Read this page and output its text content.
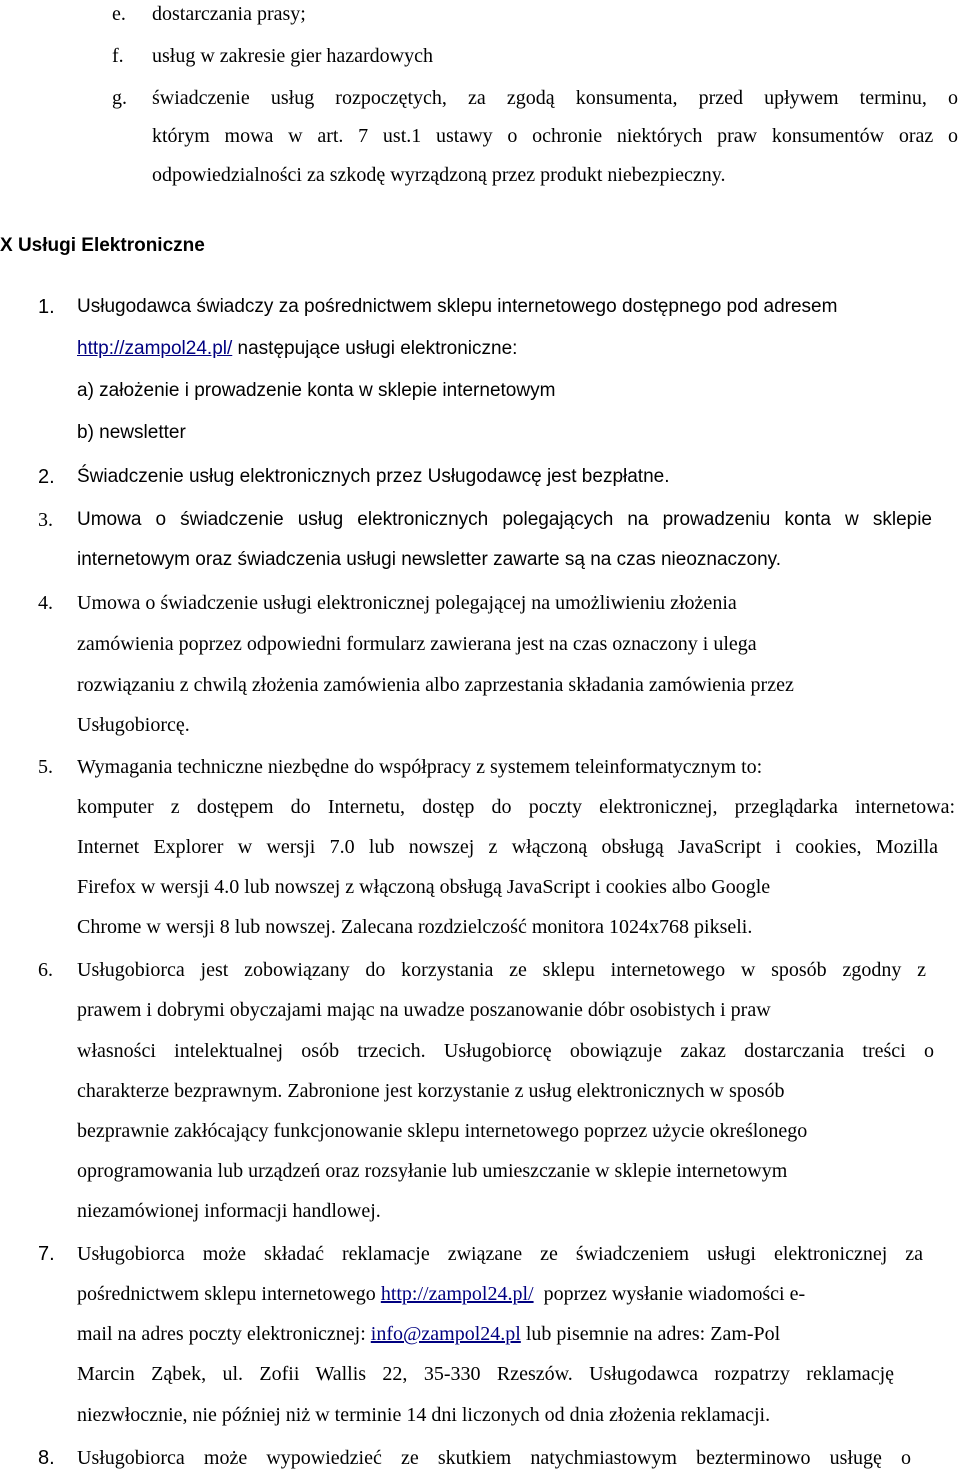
e. dostarczania prasy;
f. usług w zakresie gier hazardowych
g. świadczenie usług rozpoczętych, za zgodą konsumenta, przed upływem terminu, o
którym mowa w art. 7 ust.1 ustawy o ochronie niektórych praw konsumentów oraz o
odpowiedzialności za szkodę wyrządzoną przez produkt niebezpieczny.
X Usługi Elektroniczne
1. Usługodawca świadczy za pośrednictwem sklepu internetowego dostępnego pod adresem
http://zampol24.pl/ następujące usługi elektroniczne:
a) założenie i prowadzenie konta w sklepie internetowym
b) newsletter
2. Świadczenie usług elektronicznych przez Usługodawcę jest bezpłatne.
3. Umowa o świadczenie usług elektronicznych polegających na prowadzeniu konta w sklepie
internetowym oraz świadczenia usługi newsletter zawarte są na czas nieoznaczony.
4. Umowa o świadczenie usługi elektronicznej polegającej na umożliwieniu złożenia
zamówienia poprzez odpowiedni formularz zawierana jest na czas oznaczony i ulega
rozwiązaniu z chwilą złożenia zamówienia albo zaprzestania składania zamówienia przez
Usługobiorcę.
5. Wymagania techniczne niezbędne do współpracy z systemem teleinformatycznym to:
komputer z dostępem do Internetu, dostęp do poczty elektronicznej, przeglądarka internetowa:
Internet Explorer w wersji 7.0 lub nowszej z włączoną obsługą JavaScript i cookies, Mozilla
Firefox w wersji 4.0 lub nowszej z włączoną obsługą JavaScript i cookies albo Google
Chrome w wersji 8 lub nowszej. Zalecana rozdzielczość monitora 1024x768 pikseli.
6. Usługobiorca jest zobowiązany do korzystania ze sklepu internetowego w sposób zgodny z
prawem i dobrymi obyczajami mając na uwadze poszanowanie dóbr osobistych i praw
własności intelektualnej osób trzecich. Usługobiorcę obowiązuje zakaz dostarczania treści o
charakterze bezprawnym. Zabronione jest korzystanie z usług elektronicznych w sposób
bezprawnie zakłócający funkcjonowanie sklepu internetowego poprzez użycie określonego
oprogramowania lub urządzeń oraz rozsyłanie lub umieszczanie w sklepie internetowym
niezamówionej informacji handlowej.
7. Usługobiorca może składać reklamacje związane ze świadczeniem usługi elektronicznej za
pośrednictwem sklepu internetowego http://zampol24.pl/  poprzez wysłanie wiadomości e-
mail na adres poczty elektronicznej: info@zampol24.pl lub pisemnie na adres: Zam-Pol
Marcin Ząbek, ul. Zofii Wallis 22, 35-330 Rzeszów. Usługodawca rozpatrzy reklamację
niezwłocznie, nie później niż w terminie 14 dni liczonych od dnia złożenia reklamacji.
8. Usługobiorca może wypowiedzieć ze skutkiem natychmiastowym bezterminowo usługę o
